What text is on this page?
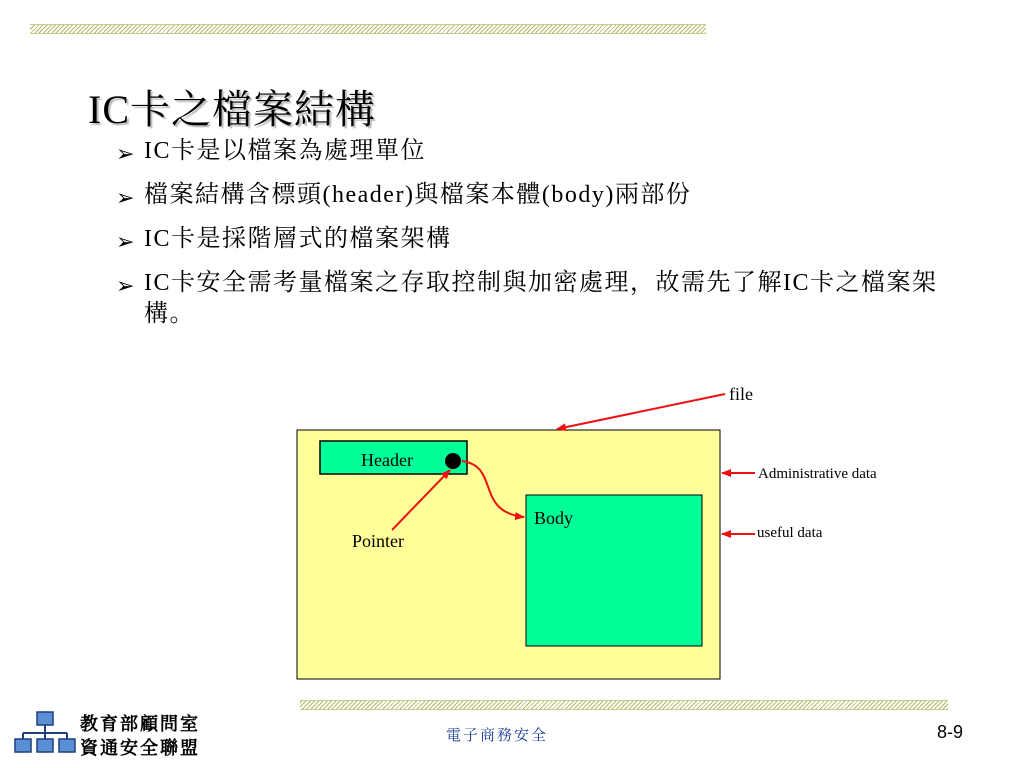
IC卡之檔案結構
➢ IC卡是以檔案為處理單位
➢ 檔案結構含標頭(header)與檔案本體(body)兩部份
➢ IC卡是採階層式的檔案架構
➢ IC卡安全需考量檔案之存取控制與加密處理，故需先了解IC卡之檔案架構。
Header
Body
Pointer
file
Administrative data
useful data
教育部顧問室
資通安全聯盟
電子商務安全	8-9
